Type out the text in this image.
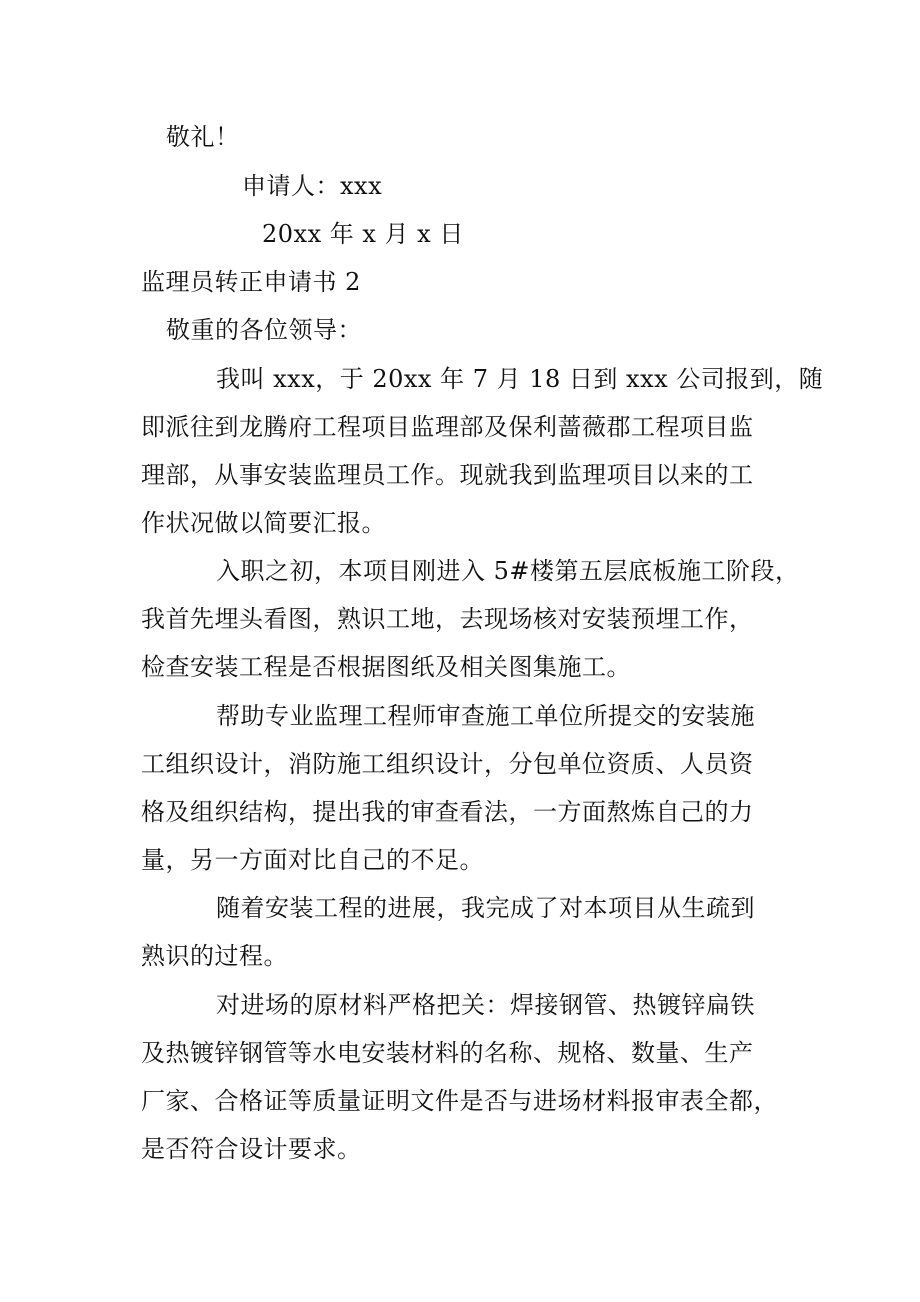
敬礼！
申请人：xxx
20xx 年 x 月 x 日
监理员转正申请书 2
敬重的各位领导：
我叫 xxx，于 20xx 年 7 月 18 日到 xxx 公司报到，随
即派往到龙腾府工程项目监理部及保利蔷薇郡工程项目监
理部，从事安装监理员工作。现就我到监理项目以来的工
作状况做以简要汇报。
入职之初，本项目刚进入 5#楼第五层底板施工阶段，
我首先埋头看图，熟识工地，去现场核对安装预埋工作，
检查安装工程是否根据图纸及相关图集施工。
帮助专业监理工程师审查施工单位所提交的安装施
工组织设计，消防施工组织设计，分包单位资质、人员资
格及组织结构，提出我的审查看法，一方面熬炼自己的力
量，另一方面对比自己的不足。
随着安装工程的进展，我完成了对本项目从生疏到
熟识的过程。
对进场的原材料严格把关：焊接钢管、热镀锌扁铁
及热镀锌钢管等水电安装材料的名称、规格、数量、生产
厂家、合格证等质量证明文件是否与进场材料报审表全都，
是否符合设计要求。
